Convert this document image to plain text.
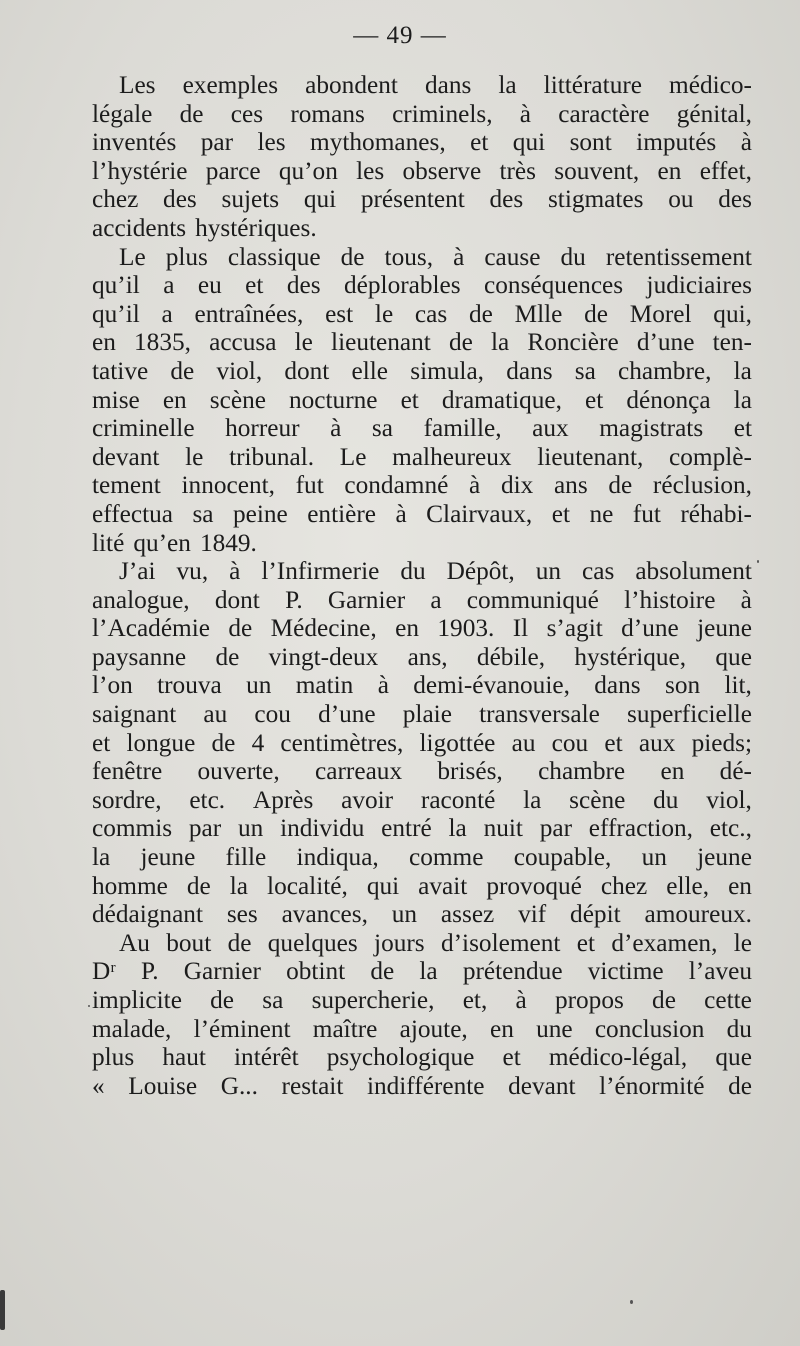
— 49 —
Les exemples abondent dans la littérature médico-
légale de ces romans criminels, à caractère génital,
inventés par les mythomanes, et qui sont imputés à
l’hystérie parce qu’on les observe très souvent, en effet,
chez des sujets qui présentent des stigmates ou des
accidents hystériques.
Le plus classique de tous, à cause du retentissement
qu’il a eu et des déplorables conséquences judiciaires
qu’il a entraînées, est le cas de Mlle de Morel qui,
en 1835, accusa le lieutenant de la Roncière d’une ten-
tative de viol, dont elle simula, dans sa chambre, la
mise en scène nocturne et dramatique, et dénonça la
criminelle horreur à sa famille, aux magistrats et
devant le tribunal. Le malheureux lieutenant, complè-
tement innocent, fut condamné à dix ans de réclusion,
effectua sa peine entière à Clairvaux, et ne fut réhabi-
lité qu’en 1849.
J’ai vu, à l’Infirmerie du Dépôt, un cas absolument
analogue, dont P. Garnier a communiqué l’histoire à
l’Académie de Médecine, en 1903. Il s’agit d’une jeune
paysanne de vingt-deux ans, débile, hystérique, que
l’on trouva un matin à demi-évanouie, dans son lit,
saignant au cou d’une plaie transversale superficielle
et longue de 4 centimètres, ligottée au cou et aux pieds;
fenêtre ouverte, carreaux brisés, chambre en dé-
sordre, etc. Après avoir raconté la scène du viol,
commis par un individu entré la nuit par effraction, etc.,
la jeune fille indiqua, comme coupable, un jeune
homme de la localité, qui avait provoqué chez elle, en
dédaignant ses avances, un assez vif dépit amoureux.
Au bout de quelques jours d’isolement et d’examen, le
Dʳ P. Garnier obtint de la prétendue victime l’aveu
implicite de sa supercherie, et, à propos de cette
malade, l’éminent maître ajoute, en une conclusion du
plus haut intérêt psychologique et médico-légal, que
« Louise G... restait indifférente devant l’énormité de
